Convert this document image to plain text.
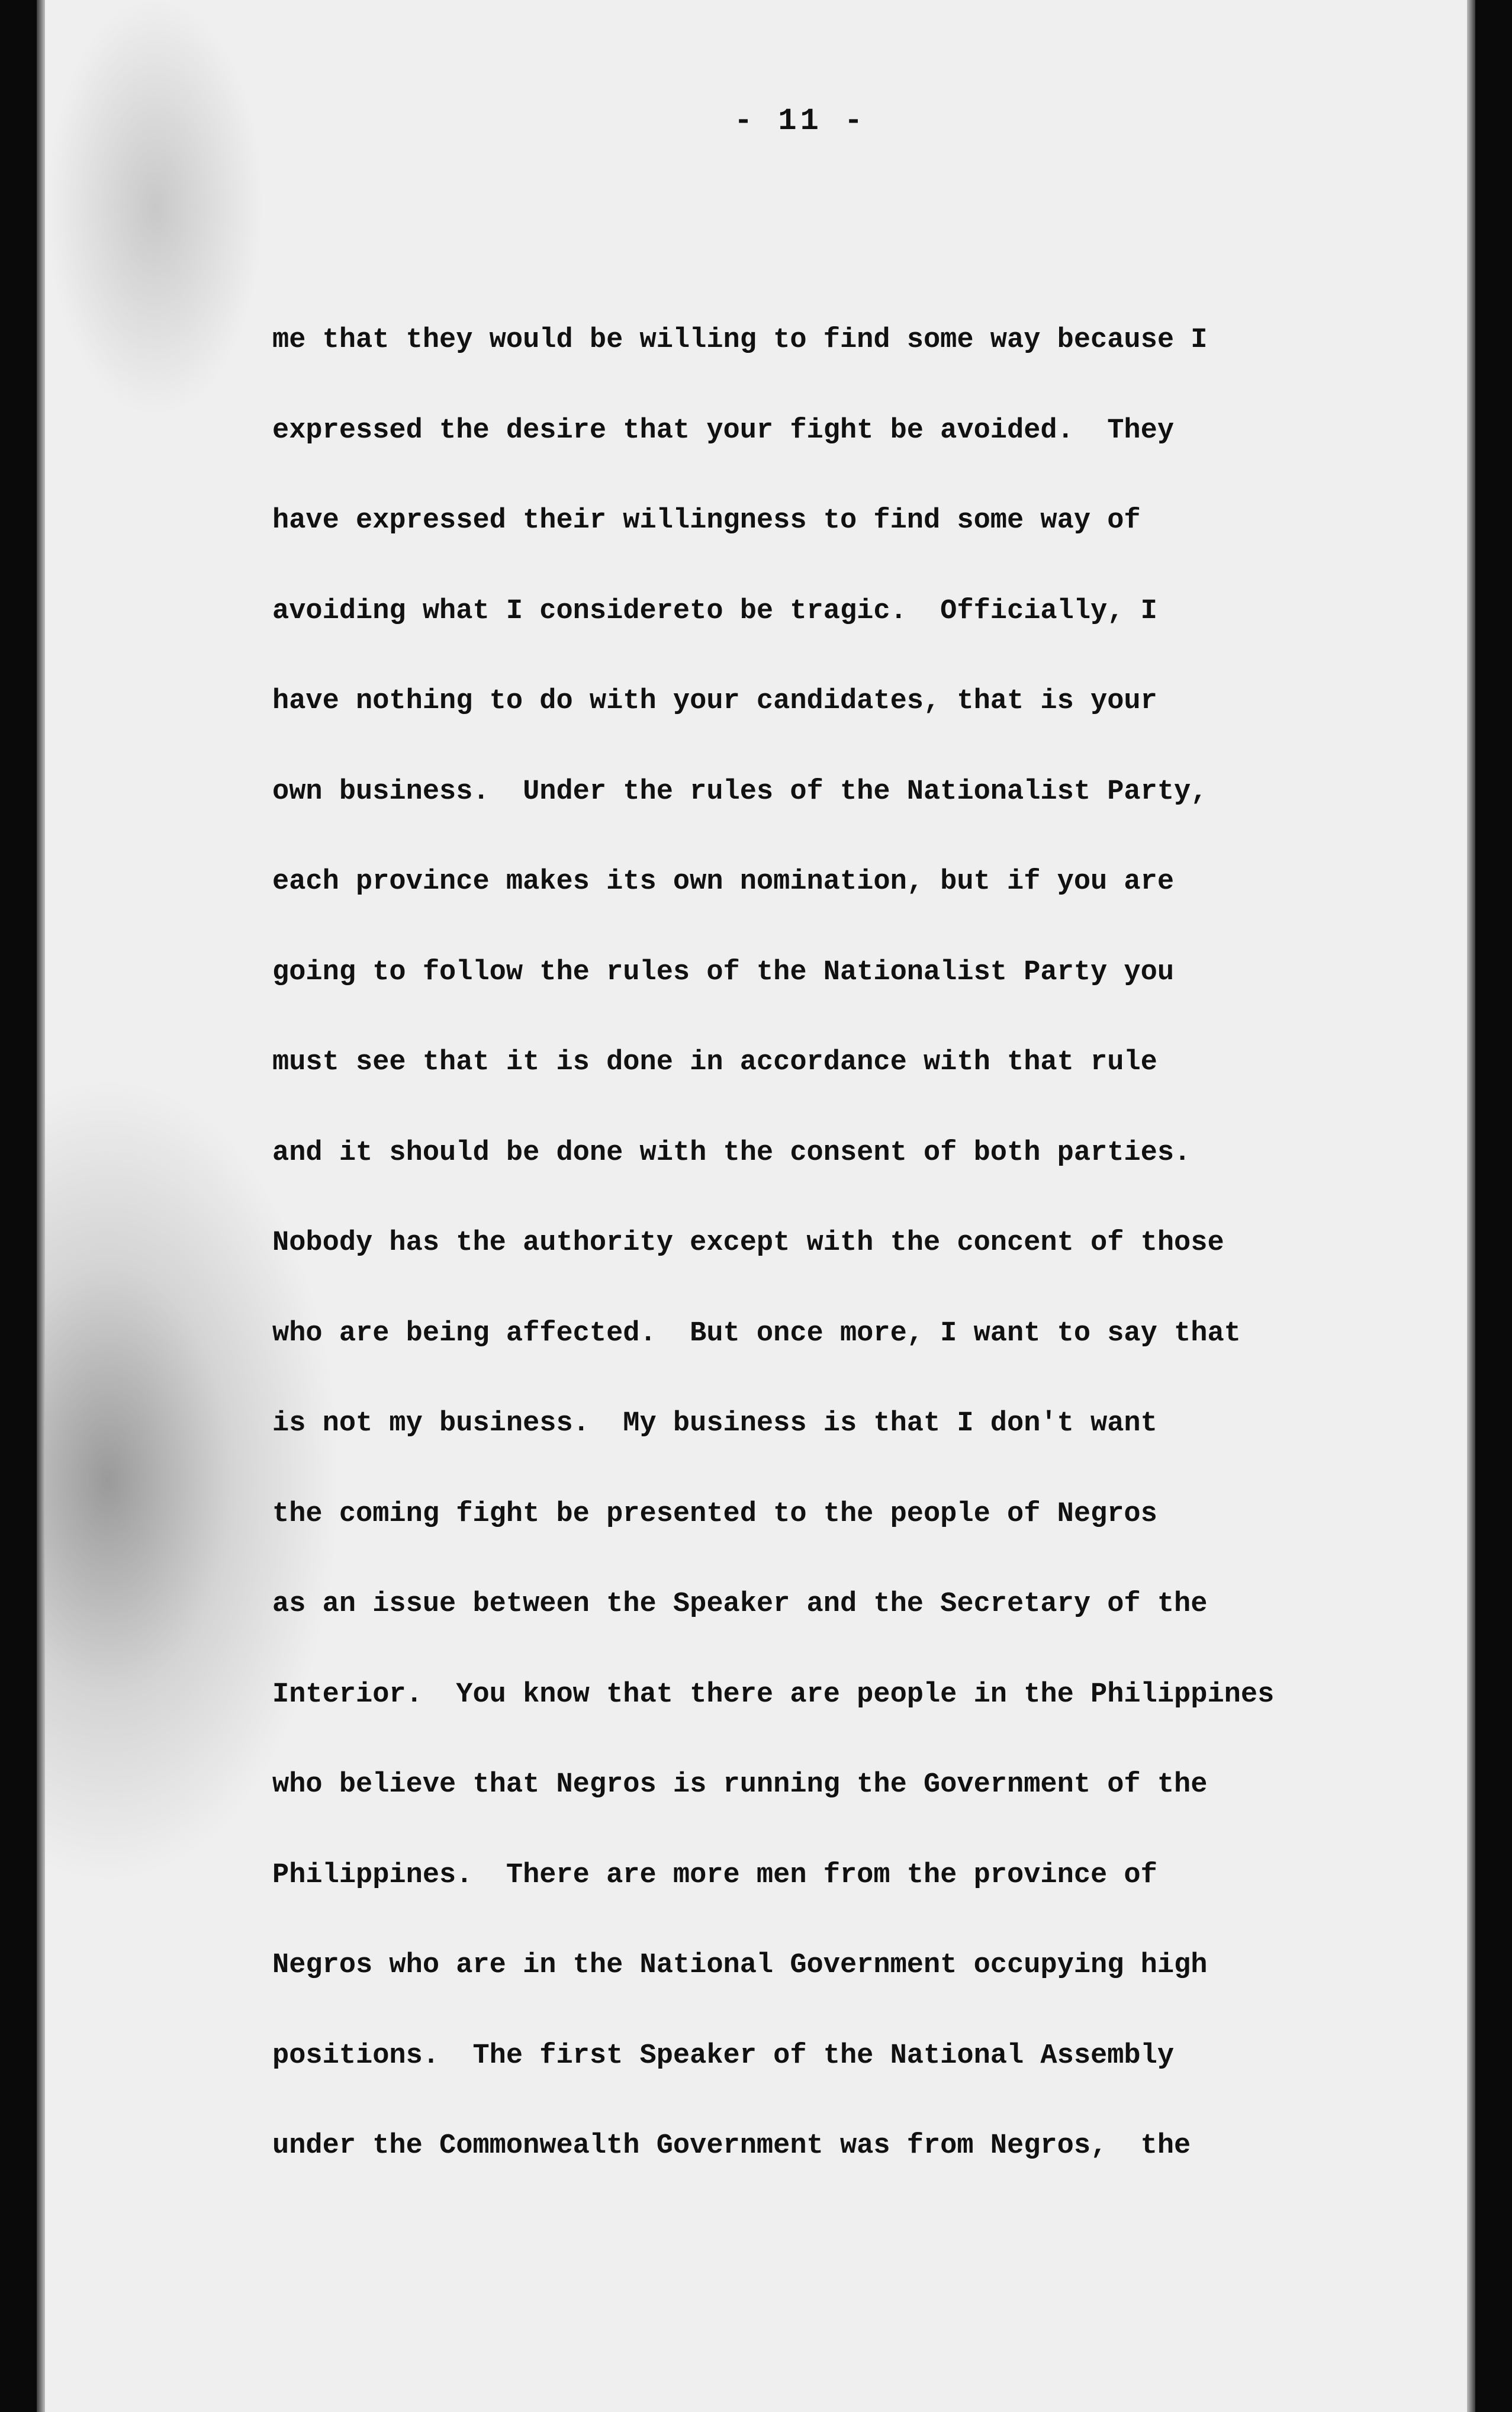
- 11 -
me that they would be willing to find some way because I
expressed the desire that your fight be avoided.  They
have expressed their willingness to find some way of
avoiding what I considereto be tragic.  Officially, I
have nothing to do with your candidates, that is your
own business.  Under the rules of the Nationalist Party,
each province makes its own nomination, but if you are
going to follow the rules of the Nationalist Party you
must see that it is done in accordance with that rule
and it should be done with the consent of both parties.
Nobody has the authority except with the concent of those
who are being affected.  But once more, I want to say that
is not my business.  My business is that I don't want
the coming fight be presented to the people of Negros
as an issue between the Speaker and the Secretary of the
Interior.  You know that there are people in the Philippines
who believe that Negros is running the Government of the
Philippines.  There are more men from the province of
Negros who are in the National Government occupying high
positions.  The first Speaker of the National Assembly
under the Commonwealth Government was from Negros,  the
